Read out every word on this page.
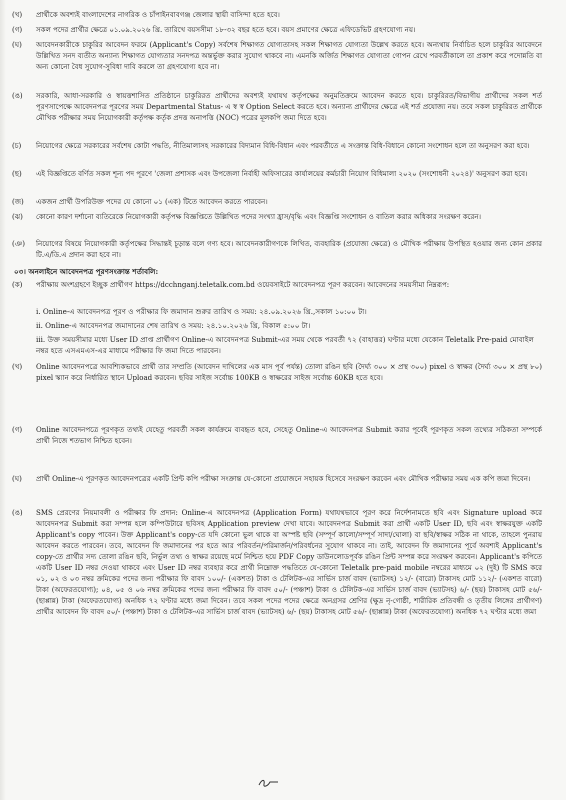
(খ)	প্রার্থীকে অবশ্যই বাংলাদেশের নাগরিক ও চাঁপাইনবাবগঞ্জ জেলার স্থায়ী বাসিন্দা হতে হবে।
(গ)	সকল পদের প্রার্থীর ক্ষেত্রে ০১.০৯.২০২৬ খ্রি. তারিখে বয়সসীমা ১৮-৩২ বছর হতে হবে। বয়স প্রমাণের ক্ষেত্রে এফিডেভিট গ্রহণযোগ্য নয়।
(ঘ)	আবেদনকারীকে চাকুরির আবেদন ফরমে (Applicant's Copy) সর্বশেষ শিক্ষাগত যোগ্যতাসহ সকল শিক্ষাগত যোগ্যতা উল্লেখ করতে হবে। অন্যথায় নির্বাচিত হলে চাকুরির আবেদনে উল্লিখিত সনদ ব্যতীত অন্যান্য শিক্ষাগত যোগ্যতার সনদপত্র অন্তর্ভুক্ত করার সুযোগ থাকবে না। এমনকি অর্জিত শিক্ষাগত যোগ্যতা গোপন রেখে পরবর্তীকালে তা প্রকাশ করে পদোন্নতি বা অন্য কোনো বৈধ সুযোগ-সুবিধা দাবি করলে তা গ্রহণযোগ্য হবে না।
(ঙ)	সরকারি, আধা-সরকারি ও স্বায়ত্তশাসিত প্রতিষ্ঠানে চাকুরিরত প্রার্থীদের অবশ্যই যথাযথ কর্তৃপক্ষের অনুমতিক্রমে আবেদন করতে হবে। চাকুরিরত/বিভাগীয় প্রার্থীদের সকল শর্ত পূরণসাপেক্ষে আবেদনপত্র পূরণের সময় Departmental Status- এ স্ব স্ব Option Select করতে হবে। অন্যান্য প্রার্থীদের ক্ষেত্রে এই শর্ত প্রযোজ্য নয়। তবে সকল চাকুরিরত প্রার্থীকে মৌখিক পরীক্ষার সময় নিয়োগকারী কর্তৃপক্ষ কর্তৃক প্রদত্ত অনাপত্তি (NOC) পত্রের মূলকপি জমা দিতে হবে।
(চ)	নিয়োগের ক্ষেত্রে সরকারের সর্বশেষ কোটা পদ্ধতি, নীতিমালাসহ সরকারের বিদ্যমান বিধি-বিধান এবং পরবর্তীতে এ সংক্রান্ত বিধি-বিধানে কোনো সংশোধন হলে তা অনুসরণ করা হবে।
(ছ)	এই বিজ্ঞপ্তিতে বর্ণিত সকল শূন্য পদ পূরণে 'জেলা প্রশাসক এবং উপজেলা নির্বাহী অফিসারের কার্যালয়ের কর্মচারী নিয়োগ বিধিমালা ২০২০ (সংশোধনী ২০২৪)' অনুসরণ করা হবে।
(জ)	একজন প্রার্থী উপরিউক্ত পদের যে কোনো ০১ (এক) টিতে আবেদন করতে পারবেন।
(ঝ)	কোনো কারণ দর্শানো ব্যতিরেকে নিয়োগকারী কর্তৃপক্ষ বিজ্ঞপ্তিতে উল্লিখিত পদের সংখ্যা হ্রাস/বৃদ্ধি এবং বিজ্ঞপ্তি সংশোধন ও বাতিল করার অধিকার সংরক্ষণ করেন।
(ঞ)	নিয়োগের বিষয়ে নিয়োগকারী কর্তৃপক্ষের সিদ্ধান্তই চূড়ান্ত বলে গণ্য হবে। আবেদনকারীগণকে লিখিত, ব্যবহারিক (প্রযোজ্য ক্ষেত্রে) ও মৌখিক পরীক্ষায় উপস্থিত হওয়ার জন্য কোন প্রকার টি.এ/ডি.এ প্রদান করা হবে না।
০৩। অনলাইনে আবেদনপত্র পূরণসংক্রান্ত শর্তাবলি:
(ক)	পরীক্ষায় অংশগ্রহণে ইচ্ছুক প্রার্থীগণ https://dcchnganj.teletalk.com.bd ওয়েবসাইটে আবেদনপত্র পূরণ করবেন। আবেদনের সময়সীমা নিম্নরূপ:
i. Online-এ আবেদনপত্র পূরণ ও পরীক্ষার ফি জমাদান শুরুর তারিখ ও সময়: ২৪.০৯.২০২৬ খ্রি.,সকাল ১০:০০ টা।
ii. Online-এ আবেদনপত্র জমাদানের শেষ তারিখ ও সময়: ২৪.১০.২০২৬ খ্রি, বিকাল ৫:০০ টা।
iii. উক্ত সময়সীমার মধ্যে User ID প্রাপ্ত প্রার্থীগণ Online-এ আবেদনপত্র Submit-এর সময় থেকে পরবর্তী ৭২ (বাহাত্তর) ঘণ্টার মধ্যে যেকোন Teletalk Pre-paid মোবাইল নম্বর হতে এসএমএস-এর মাধ্যমে পরীক্ষার ফি জমা দিতে পারবেন।
(খ)	Online আবেদনপত্রে আবশ্যিকভাবে প্রার্থী তার সম্প্রতি (আবেদন দাখিলের এক মাস পূর্ব পর্যন্ত) তোলা রঙিন ছবি (দৈর্ঘ্য ৩০০ × প্রস্থ ৩০০) pixel ও স্বাক্ষর (দৈর্ঘ্য ৩০০ × প্রস্থ ৮০) pixel স্ক্যান করে নির্ধারিত স্থানে Upload করবেন। ছবির সাইজ সর্বোচ্চ 100KB ও স্বাক্ষরের সাইজ সর্বোচ্চ 60KB হতে হবে।
(গ)	Online আবেদনপত্রে পূরণকৃত তথ্যই যেহেতু পরবর্তী সকল কার্যক্রমে ব্যবহৃত হবে, সেহেতু Online-এ আবেদনপত্র Submit করার পূর্বেই পূরণকৃত সকল তথ্যের সঠিকতা সম্পর্কে প্রার্থী নিজে শতভাগ নিশ্চিত হবেন।
(ঘ)	প্রার্থী Online-এ পূরণকৃত আবেদনপত্রের একটি প্রিন্ট কপি পরীক্ষা সংক্রান্ত যে-কোনো প্রয়োজনে সহায়ক হিসেবে সংরক্ষণ করবেন এবং মৌখিক পরীক্ষার সময় এক কপি জমা দিবেন।
(ঙ)	SMS প্রেরণের নিয়মাবলী ও পরীক্ষার ফি প্রদান: Online-এ আবেদনপত্র (Application Form) যথাযথভাবে পূরণ করে নির্দেশনামতে ছবি এবং Signature upload করে আবেদনপত্র Submit করা সম্পন্ন হলে কম্পিউটারে ছবিসহ Application preview দেখা যাবে। আবেদনপত্র Submit করা প্রার্থী একটি User ID, ছবি এবং স্বাক্ষরযুক্ত একটি Applicant's copy পাবেন। উক্ত Applicant's copy-তে যদি কোনো ভুল থাকে বা অস্পষ্ট ছবি (সম্পূর্ণ কালো/সম্পূর্ণ সাদা/ঘোলা) বা ছবি/স্বাক্ষর সঠিক না থাকে, তাহলে পুনরায় আবেদন করতে পারবেন। তবে, আবেদন ফি জমাদানের পর হতে আর পরিবর্তন/পরিমার্জন/পরিবর্ধনের সুযোগ থাকবে না। তাই, আবেদন ফি জমাদানের পূর্বে অবশ্যই Applicant's copy-তে প্রার্থীর সদ্য তোলা রঙিন ছবি, নির্ভুল তথ্য ও স্বাক্ষর রয়েছে মর্মে নিশ্চিত হয়ে PDF Copy ডাউনলোডপূর্বক রঙিন প্রিন্ট সম্পন্ন করে সংরক্ষণ করবেন। Applicant's কপিতে একটি User ID নম্বর দেওয়া থাকবে এবং User ID নম্বর ব্যবহার করে প্রার্থী নিম্নোক্ত পদ্ধতিতে যে-কোনো Teletalk pre-paid mobile নম্বরের মাধ্যমে ০২ (দুই) টি SMS করে ০১, ০২ ও ০৩ নম্বর ক্রমিকের পদের জন্য পরীক্ষার ফি বাবদ ১০০/- (একশত) টাকা ও টেলিটক-এর সার্ভিস চার্জ বাবদ (ভ্যাটসহ) ১২/- (বারো) টাকাসহ মোট ১১২/- (একশত বারো) টাকা (অফেরতযোগ্য); ০৪, ০৫ ও ০৬ নম্বর ক্রমিকের পদের জন্য পরীক্ষার ফি বাবদ ৫০/- (পঞ্চাশ) টাকা ও টেলিটক-এর সার্ভিস চার্জ বাবদ (ভ্যাটসহ) ৬/- (ছয়) টাকাসহ মোট ৫৬/- (ছাপ্পান্ন) টাকা (অফেরতযোগ্য) অনধিক ৭২ ঘণ্টার মধ্যে জমা দিবেন। তবে সকল পদের পদের ক্ষেত্রে অনগ্রসর শ্রেণির (ক্ষুদ্র নৃ-গোষ্ঠী, শারীরিক প্রতিবন্ধী ও তৃতীয় লিঙ্গের প্রার্থীগণ) প্রার্থীর আবেদন ফি বাবদ ৫০/- (পঞ্চাশ) টাকা ও টেলিটক-এর সার্ভিস চার্জ বাবদ (ভ্যাটসহ) ৬/- (ছয়) টাকাসহ মোট ৫৬/- (ছাপ্পান্ন) টাকা (অফেরতযোগ্য) অনধিক ৭২ ঘণ্টার মধ্যে জমা
